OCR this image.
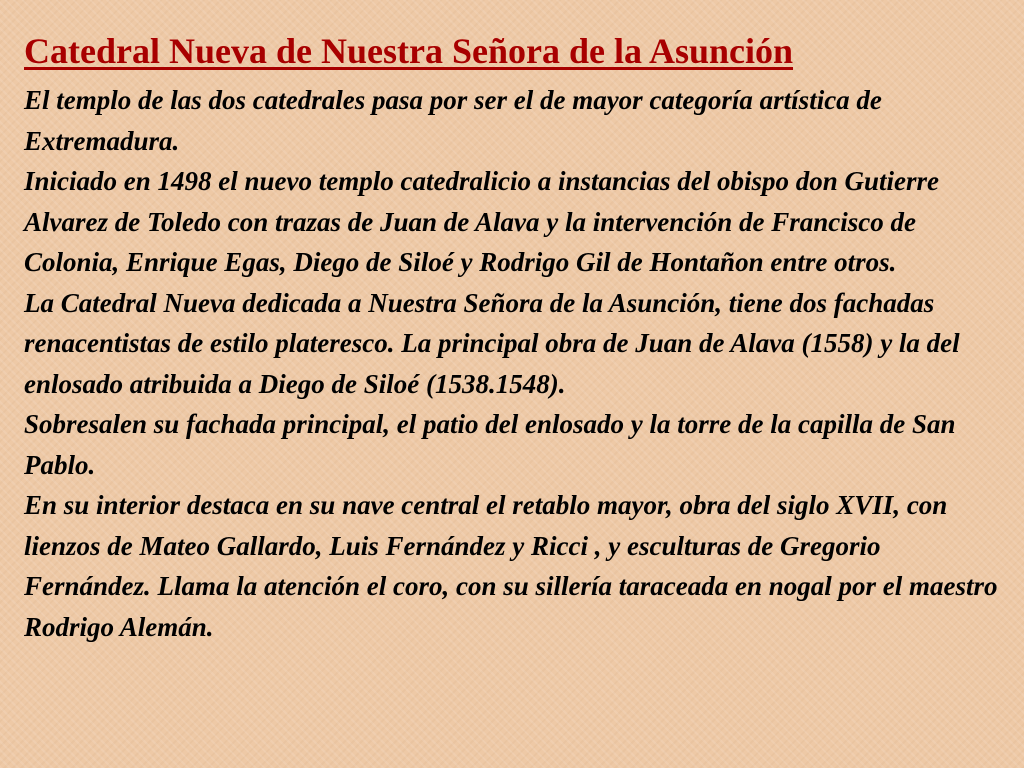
Catedral Nueva de Nuestra Señora de la Asunción

El templo de las dos catedrales pasa por ser el de mayor categoría artística de Extremadura.

Iniciado en 1498 el nuevo templo catedralicio a instancias del obispo don Gutierre Alvarez de Toledo con trazas de Juan de Alava y la intervención de Francisco de Colonia, Enrique Egas, Diego de Siloé y Rodrigo Gil de Hontañon entre otros.

La Catedral Nueva dedicada a Nuestra Señora de la Asunción, tiene dos fachadas renacentistas de estilo plateresco. La principal obra de Juan de Alava (1558) y la del enlosado atribuida a Diego de Siloé (1538.1548).

Sobresalen su fachada principal, el patio del enlosado y la torre de la capilla de San Pablo.

En su interior destaca en su nave central el retablo mayor, obra del siglo XVII, con lienzos de Mateo Gallardo, Luis Fernández y Ricci , y esculturas de Gregorio Fernández. Llama la atención el coro, con su sillería taraceada en nogal por el maestro Rodrigo Alemán.
